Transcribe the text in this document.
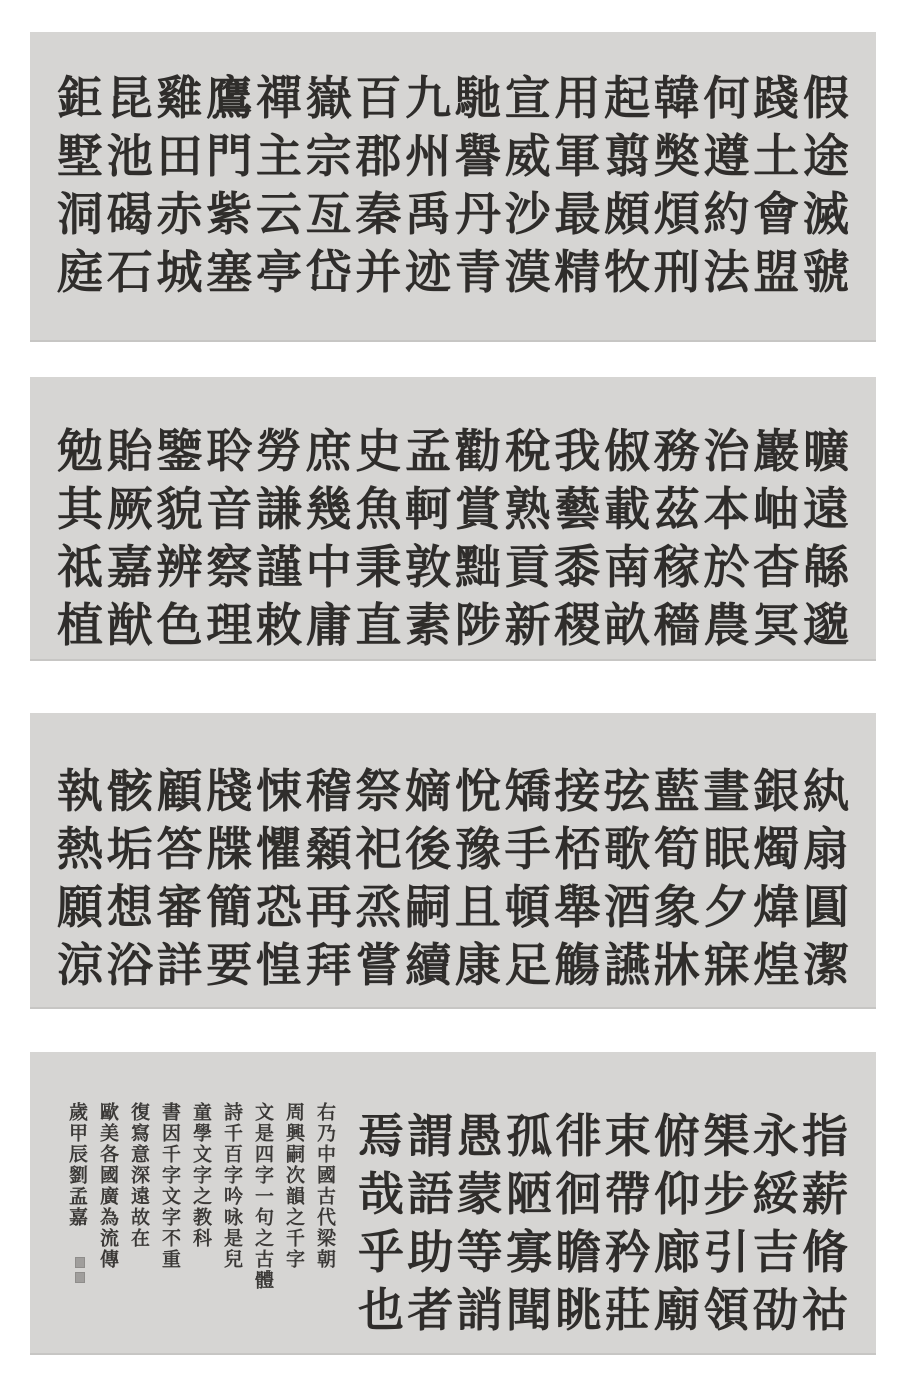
鉅昆雞鷹禪嶽百九馳宣用起韓何踐假
墅池田門主宗郡州譽威軍翦獘遵土途
洞碣赤紫云亙秦禹丹沙最頗煩約會滅
庭石城塞亭岱并迹青漠精牧刑法盟虢
勉貽鑒聆勞庶史孟勸稅我俶務治巖曠
其厥貌音謙幾魚軻賞熟藝載茲本岫遠
祗嘉辨察謹中秉敦黜貢黍南稼於杳緜
植猷色理敕庸直素陟新稷畝穡農冥邈
執骸顧牋悚稽祭嫡悅矯接弦藍晝銀紈
熱垢答牒懼顙祀後豫手桮歌筍眠燭扇
願想審簡恐再烝嗣且頓舉酒象夕煒圓
涼浴詳要惶拜嘗續康足觴讌牀寐煌潔
右乃中國古代梁朝
周興嗣次韻之千字
文是四字一句之古體
詩千百字吟咏是兒
童學文字之教科
書因千字文字不重
復寫意深遠故在
歐美各國廣為流傳
歲甲辰劉孟嘉	焉謂愚孤徘束俯榘永指
哉語蒙陋徊帶仰步綏薪
乎助等寡瞻矜廊引吉脩
也者誚聞眺莊廟領劭祜
